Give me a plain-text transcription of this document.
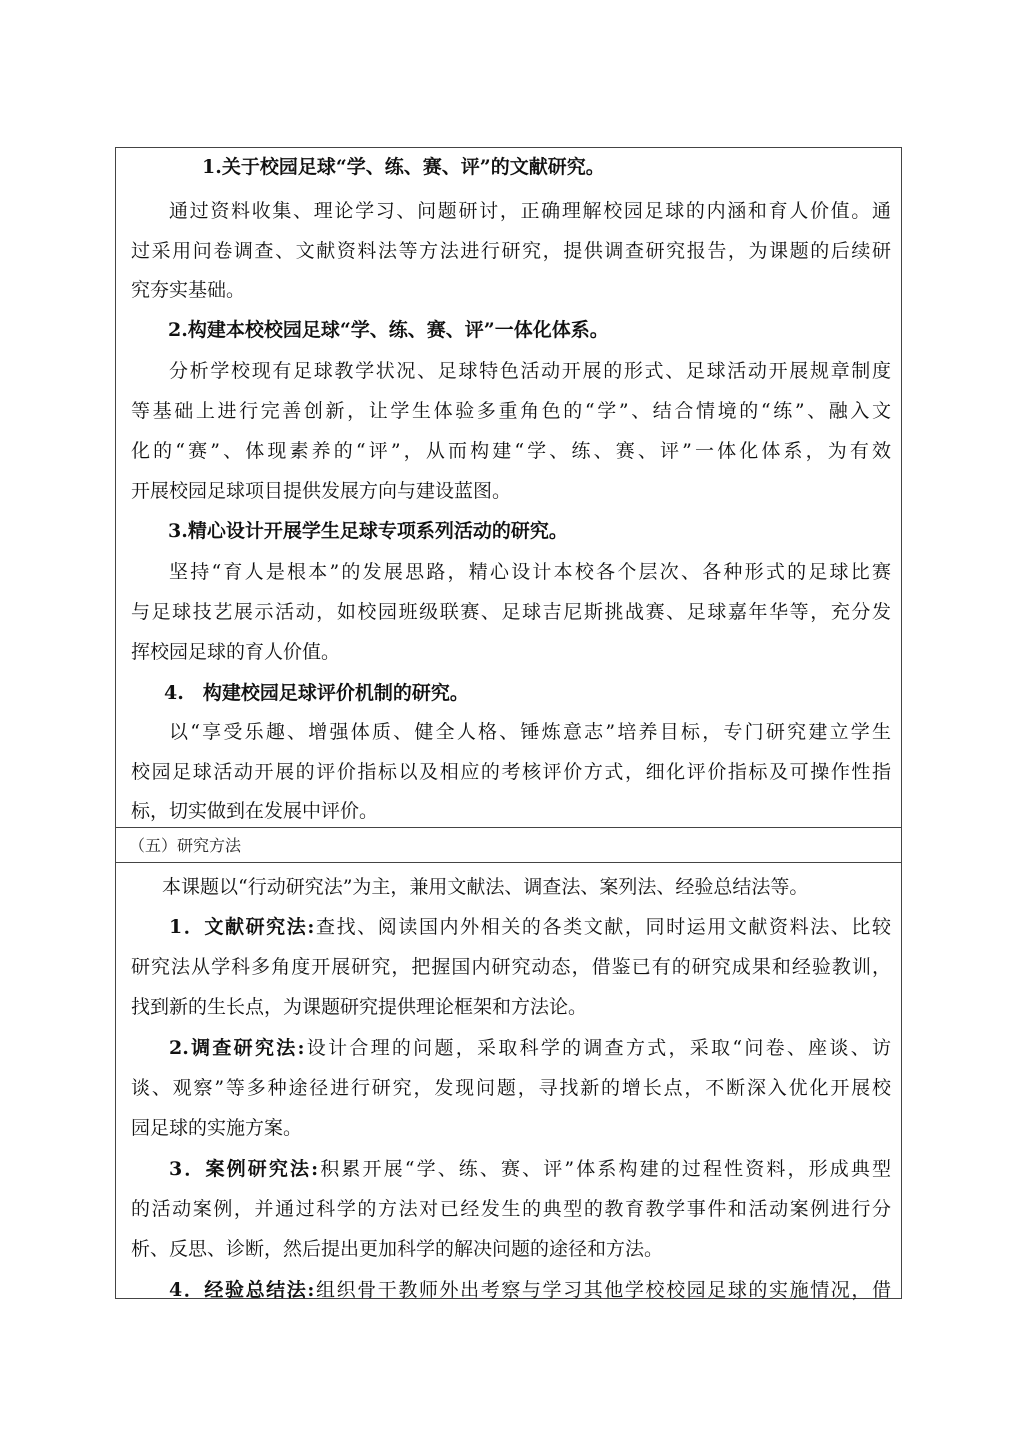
1.关于校园足球“学、练、赛、评”的文献研究。

通过资料收集、理论学习、问题研讨，正确理解校园足球的内涵和育人价值。通

过采用问卷调查、文献资料法等方法进行研究，提供调查研究报告，为课题的后续研

究夯实基础。

2.构建本校校园足球“学、练、赛、评”一体化体系。

分析学校现有足球教学状况、足球特色活动开展的形式、足球活动开展规章制度

等基础上进行完善创新，让学生体验多重角色的“学”、结合情境的“练”、融入文

化的“赛”、体现素养的“评”，从而构建“学、练、赛、评”一体化体系，为有效

开展校园足球项目提供发展方向与建设蓝图。

3.精心设计开展学生足球专项系列活动的研究。

坚持“育人是根本”的发展思路，精心设计本校各个层次、各种形式的足球比赛

与足球技艺展示活动，如校园班级联赛、足球吉尼斯挑战赛、足球嘉年华等，充分发

挥校园足球的育人价值。

4.　构建校园足球评价机制的研究。

以“享受乐趣、增强体质、健全人格、锤炼意志”培养目标，专门研究建立学生

校园足球活动开展的评价指标以及相应的考核评价方式，细化评价指标及可操作性指

标，切实做到在发展中评价。

（五）研究方法

本课题以“行动研究法”为主，兼用文献法、调查法、案列法、经验总结法等。

1．文献研究法:查找、阅读国内外相关的各类文献，同时运用文献资料法、比较

研究法从学科多角度开展研究，把握国内研究动态，借鉴已有的研究成果和经验教训，

找到新的生长点，为课题研究提供理论框架和方法论。

2.调查研究法:设计合理的问题，采取科学的调查方式，采取“问卷、座谈、访

谈、观察”等多种途径进行研究，发现问题，寻找新的增长点，不断深入优化开展校

园足球的实施方案。

3．案例研究法:积累开展“学、练、赛、评”体系构建的过程性资料，形成典型

的活动案例，并通过科学的方法对已经发生的典型的教育教学事件和活动案例进行分

析、反思、诊断，然后提出更加科学的解决问题的途径和方法。

4．经验总结法:组织骨干教师外出考察与学习其他学校校园足球的实施情况，借
